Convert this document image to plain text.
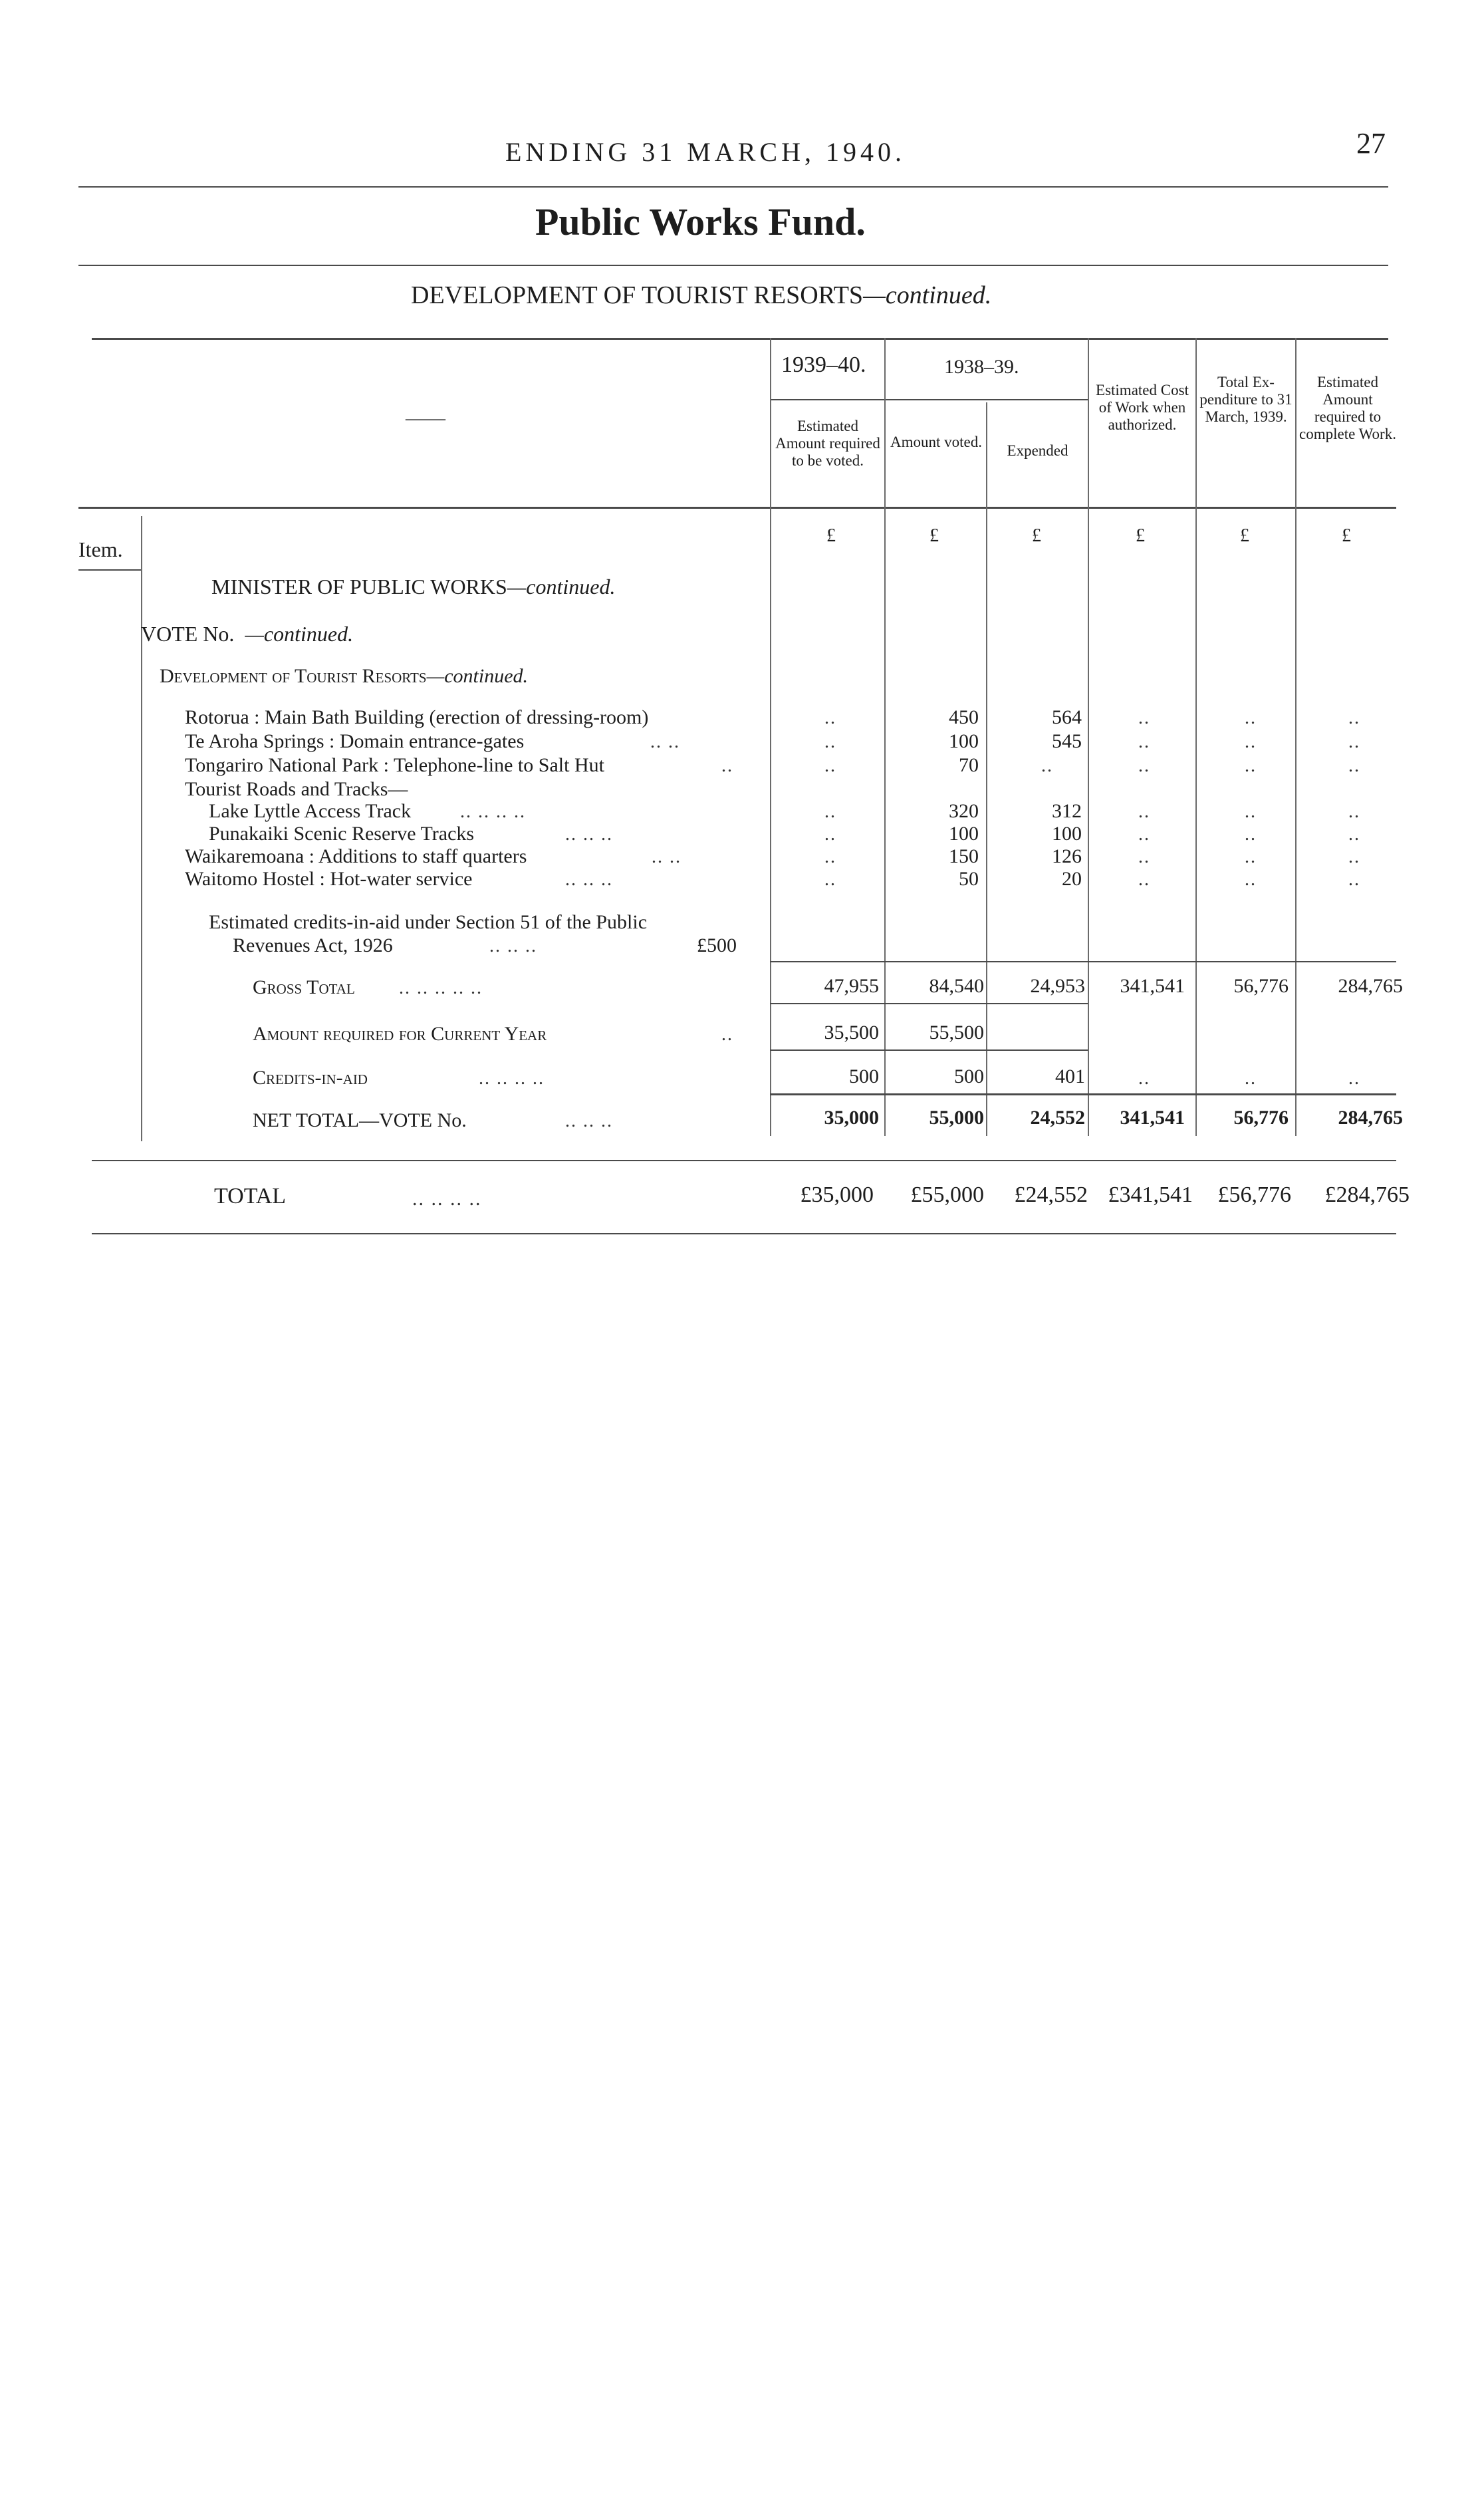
ENDING 31 MARCH, 1940.	27
Public Works Fund.
DEVELOPMENT OF TOURIST RESORTS—continued.
——
1939–40.	1938–39.
Estimated Amount required to be voted.
Amount voted.
Expended
Estimated Cost of Work when authorized.
Total Ex- penditure to 31 March, 1939.
Estimated Amount required to complete Work.
£	£	£	£	£	£
Item.
MINISTER OF PUBLIC WORKS—continued.
VOTE No. —continued.
Development of Tourist Resorts—continued.
Rotorua : Main Bath Building (erection of dressing-room)	..	450	564	..	..	..
Te Aroha Springs : Domain entrance-gates	.. ..	..	100	545	..	..	..
Tongariro National Park : Telephone-line to Salt Hut	..	..	70	..	..	..	..
Tourist Roads and Tracks—
Lake Lyttle Access Track	.. .. .. ..	..	320	312	..	..	..
Punakaiki Scenic Reserve Tracks	.. .. ..	..	100	100	..	..	..
Waikaremoana : Additions to staff quarters	.. ..	..	150	126	..	..	..
Waitomo Hostel : Hot-water service	.. .. ..	..	50	20	..	..	..
Estimated credits-in-aid under Section 51 of the Public
Revenues Act, 1926	.. .. ..	£500
Gross Total .. .. .. .. ..	47,955	84,540 24,953 341,541 56,776 284,765
Amount required for Current Year	..	35,500	55,500
Credits-in-aid	.. .. .. ..	500	500	401	..	..	..
NET TOTAL—VOTE No.	.. .. ..	35,000	55,000 24,552 341,541 56,776 284,765
TOTAL	.. .. .. ..	£35,000 £55,000 £24,552 £341,541 £56,776 £284,765
